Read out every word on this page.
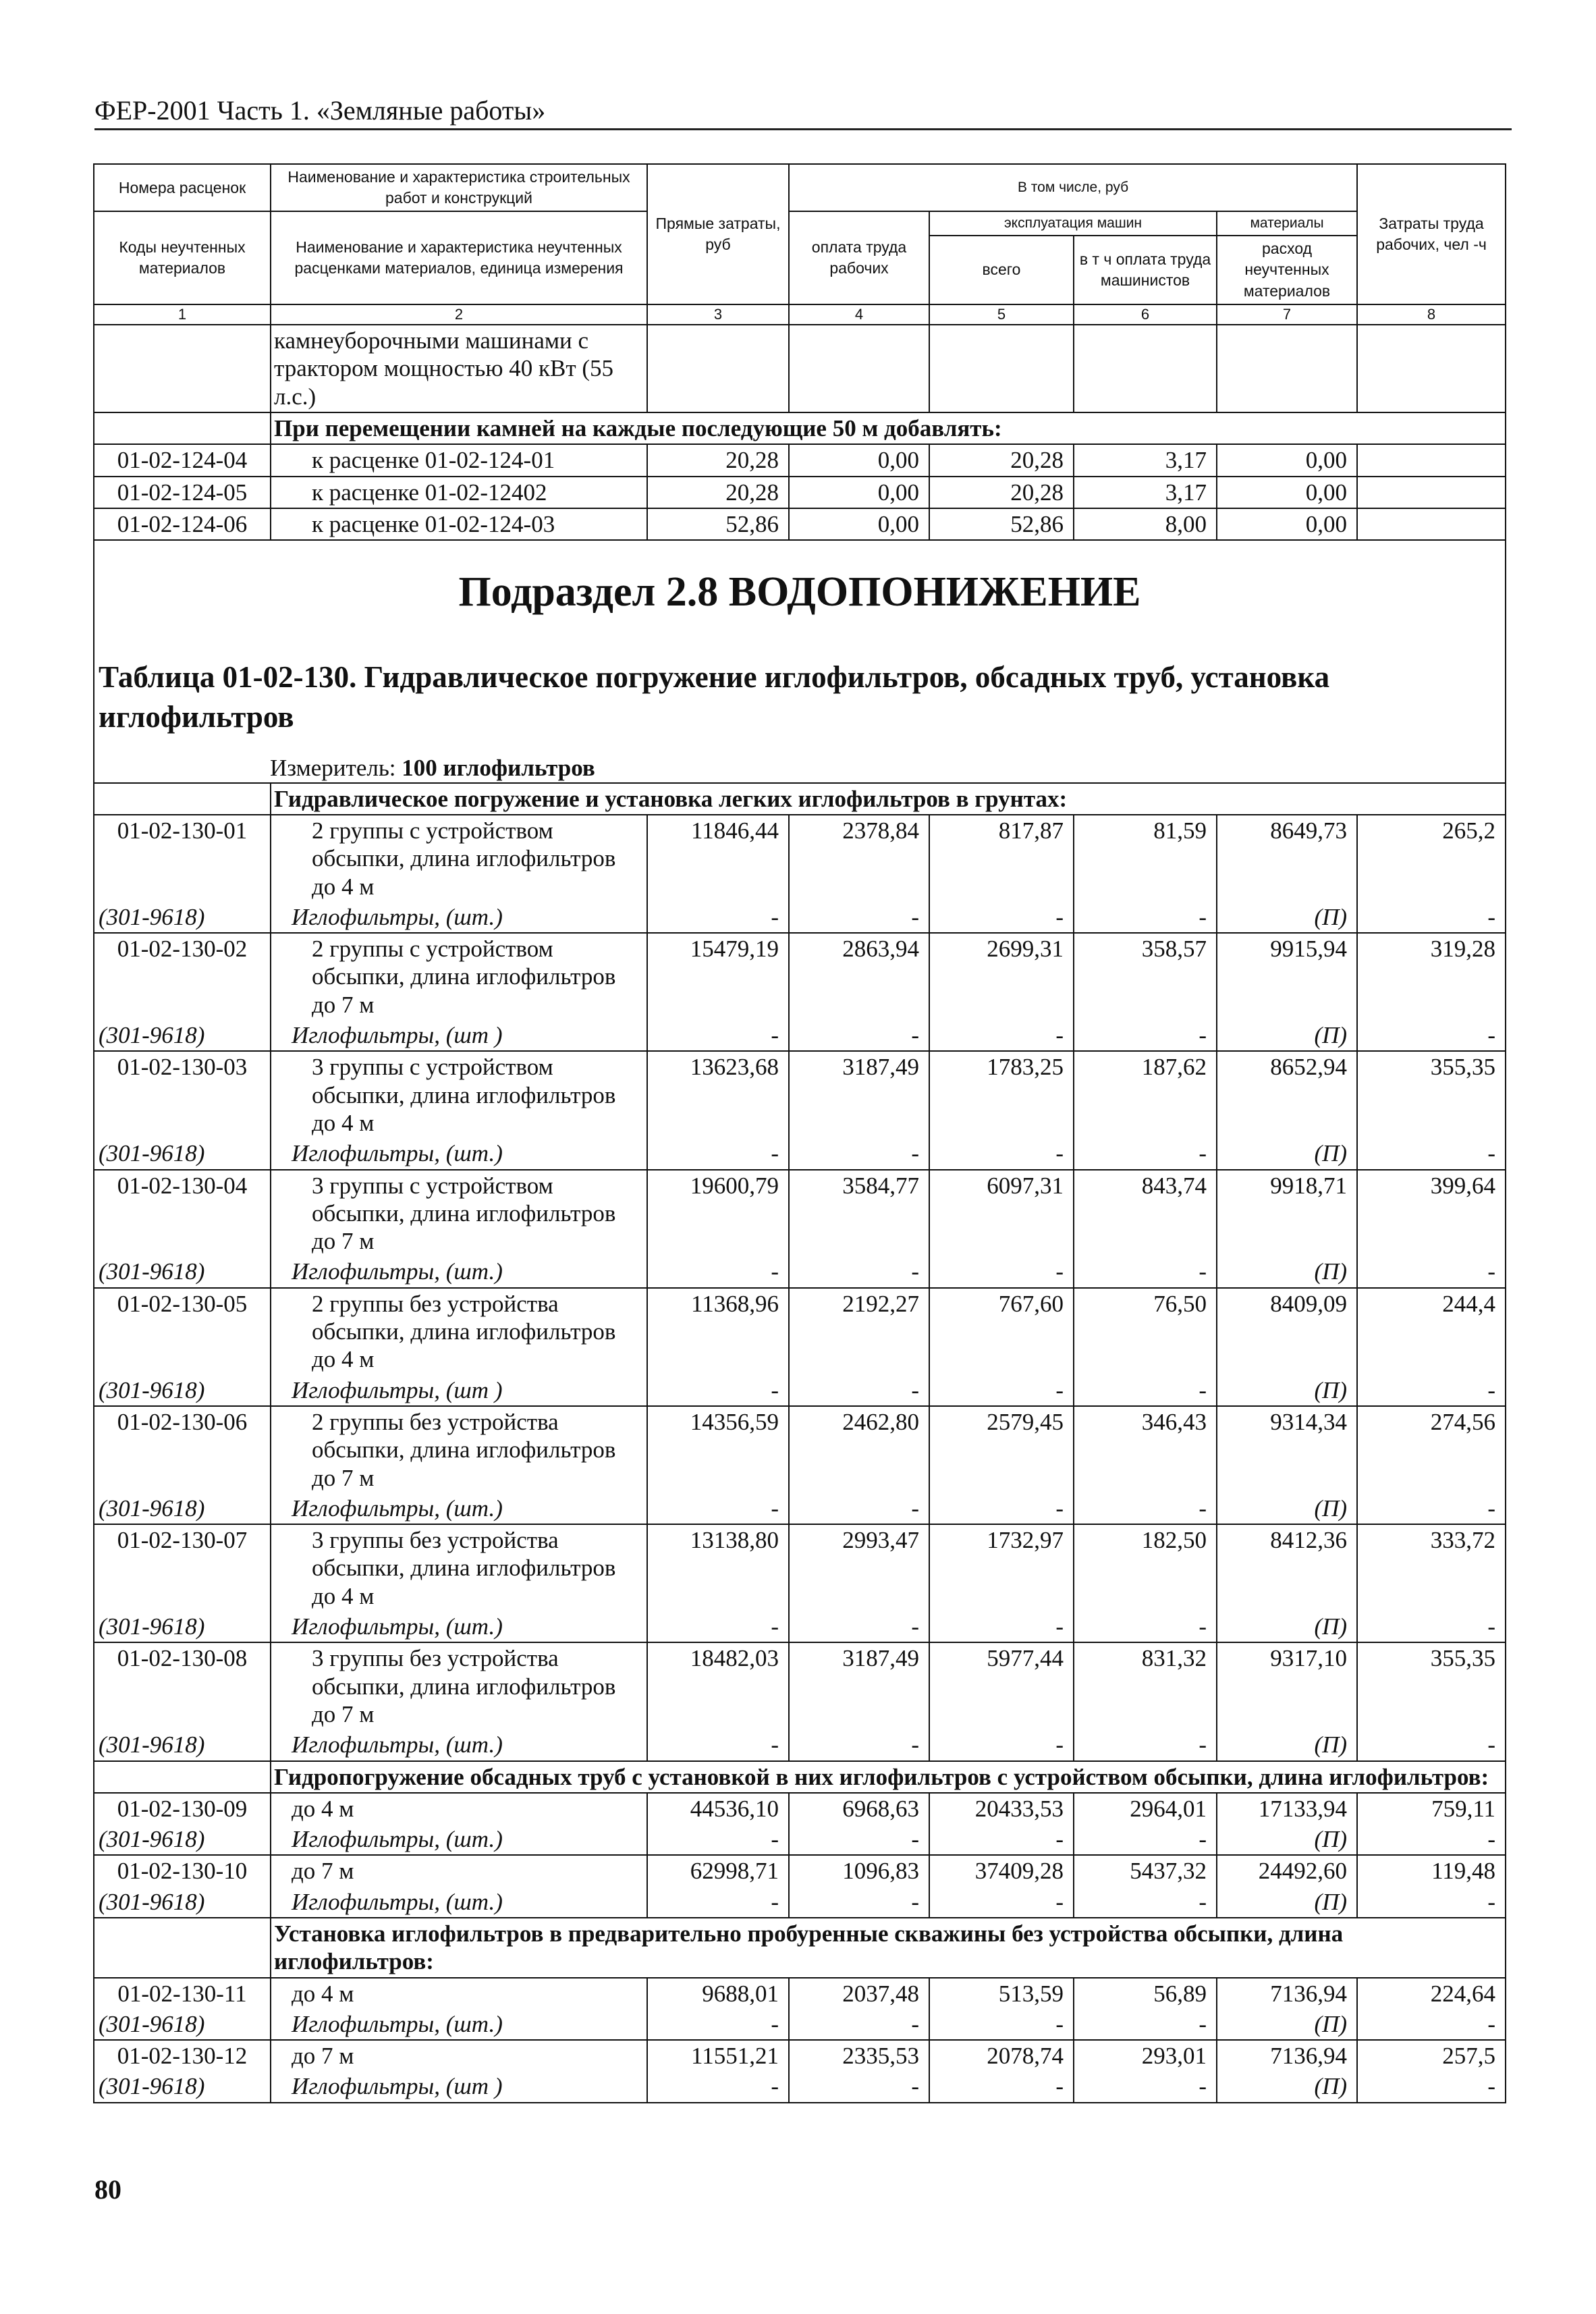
ФЕР-2001 Часть 1. «Земляные работы»
Номера расценок	Наименование и характеристика строительных работ и конструкций	Прямые затраты, руб	В том числе, руб				Затраты труда рабочих, чел -ч
Коды неучтенных материалов	Наименование и характеристика неучтенных расценками материалов, единица измерения		оплата труда рабочих	эксплуатация машин		материалы	
				всего	в т ч оплата труда машинистов	расход неучтенных материалов	
1	2	3	4	5	6	7	8
	камнеуборочными машинами с трактором мощностью 40 кВт (55 л.с.)						
	При перемещении камней на каждые последующие 50 м добавлять:						
01-02-124-04	к расценке 01-02-124-01	20,28	0,00	20,28	3,17	0,00	
01-02-124-05	к расценке 01-02-12402	20,28	0,00	20,28	3,17	0,00	
01-02-124-06	к расценке 01-02-124-03	52,86	0,00	52,86	8,00	0,00	

Подраздел 2.8 ВОДОПОНИЖЕНИЕ
Таблица 01-02-130. Гидравлическое погружение иглофильтров, обсадных труб, установка иглофильтров
Измеритель: 100 иглофильтров							

	Гидравлическое погружение и установка легких иглофильтров в грунтах:						
01-02-130-01	2 группы с устройством обсыпки, длина иглофильтров до 4 м	11846,44	2378,84	817,87	81,59	8649,73	265,2
(301-9618)	Иглофильтры, (шт.)	-	-	-	-	(П)	-
01-02-130-02	2 группы с устройством обсыпки, длина иглофильтров до 7 м	15479,19	2863,94	2699,31	358,57	9915,94	319,28
(301-9618)	Иглофильтры, (шт )	-	-	-	-	(П)	-
01-02-130-03	3 группы с устройством обсыпки, длина иглофильтров до 4 м	13623,68	3187,49	1783,25	187,62	8652,94	355,35
(301-9618)	Иглофильтры, (шт.)	-	-	-	-	(П)	-
01-02-130-04	3 группы с устройством обсыпки, длина иглофильтров до 7 м	19600,79	3584,77	6097,31	843,74	9918,71	399,64
(301-9618)	Иглофильтры, (шт.)	-	-	-	-	(П)	-
01-02-130-05	2 группы без устройства обсыпки, длина иглофильтров до 4 м	11368,96	2192,27	767,60	76,50	8409,09	244,4
(301-9618)	Иглофильтры, (шт )	-	-	-	-	(П)	-
01-02-130-06	2 группы без устройства обсыпки, длина иглофильтров до 7 м	14356,59	2462,80	2579,45	346,43	9314,34	274,56
(301-9618)	Иглофильтры, (шт.)	-	-	-	-	(П)	-
01-02-130-07	3 группы без устройства обсыпки, длина иглофильтров до 4 м	13138,80	2993,47	1732,97	182,50	8412,36	333,72
(301-9618)	Иглофильтры, (шт.)	-	-	-	-	(П)	-
01-02-130-08	3 группы без устройства обсыпки, длина иглофильтров до 7 м	18482,03	3187,49	5977,44	831,32	9317,10	355,35
(301-9618)	Иглофильтры, (шт.)	-	-	-	-	(П)	-
	Гидропогружение обсадных труб с установкой в них иглофильтров с устройством обсыпки, длина иглофильтров:						
01-02-130-09	до 4 м	44536,10	6968,63	20433,53	2964,01	17133,94	759,11
(301-9618)	Иглофильтры, (шт.)	-	-	-	-	(П)	-
01-02-130-10	до 7 м	62998,71	1096,83	37409,28	5437,32	24492,60	119,48
(301-9618)	Иглофильтры, (шт.)	-	-	-	-	(П)	-
	Установка иглофильтров в предварительно пробуренные скважины без устройства обсыпки, длина иглофильтров:						
01-02-130-11	до 4 м	9688,01	2037,48	513,59	56,89	7136,94	224,64
(301-9618)	Иглофильтры, (шт.)	-	-	-	-	(П)	-
01-02-130-12	до 7 м	11551,21	2335,53	2078,74	293,01	7136,94	257,5
(301-9618)	Иглофильтры, (шт )	-	-	-	-	(П)	-
80
